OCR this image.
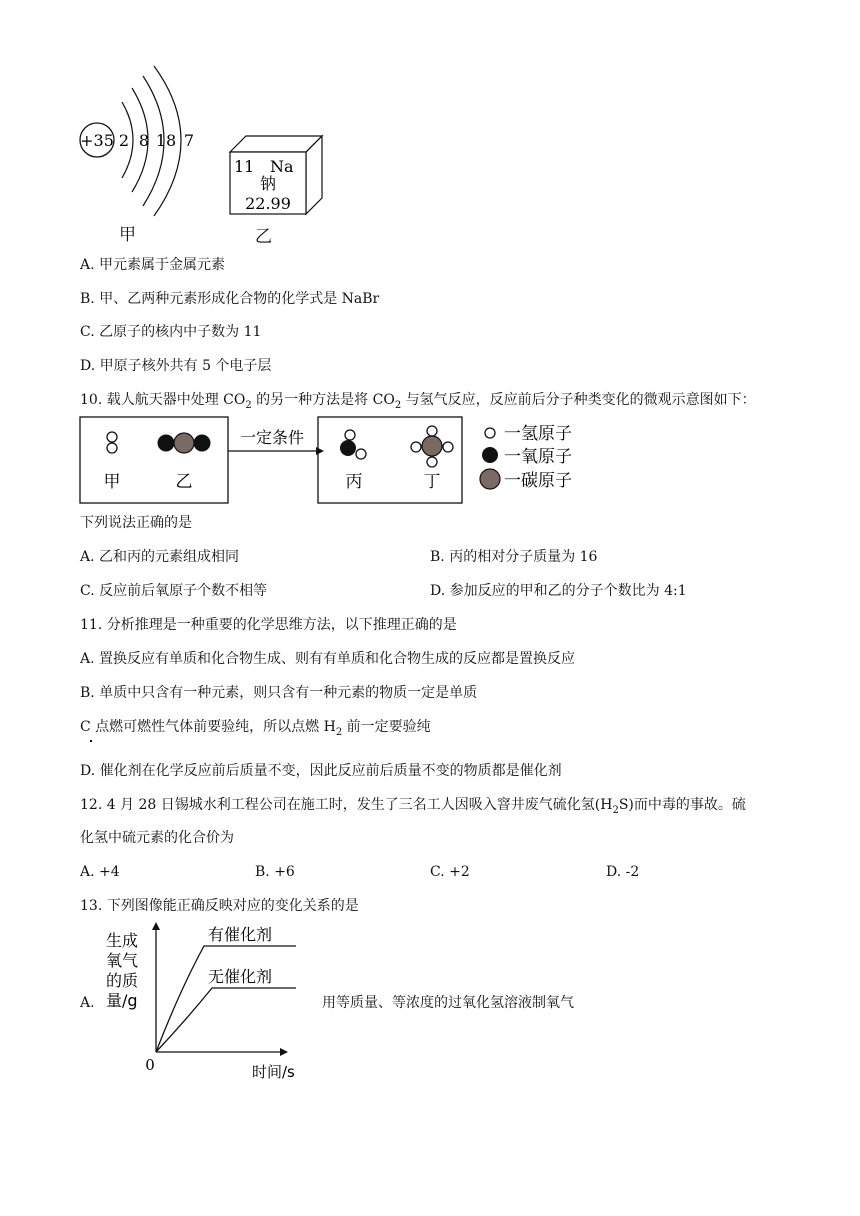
+35 2 8 18 7
甲
11 Na
钠
22.99
乙
A. 甲元素属于金属元素
B. 甲、乙两种元素形成化合物的化学式是 NaBr
C. 乙原子的核内中子数为 11
D. 甲原子核外共有 5 个电子层
10. 载人航天器中处理 $CO_2$ 的另一种方法是将 $CO_2$ 与氢气反应，反应前后分子种类变化的微观示意图如下：
甲	乙
一定条件
丙	丁
一氢原子
一氧原子
一碳原子
下列说法正确的是
A. 乙和丙的元素组成相同	B. 丙的相对分子质量为 16
C. 反应前后氧原子个数不相等	D. 参加反应的甲和乙的分子个数比为 4:1
11. 分析推理是一种重要的化学思维方法，以下推理正确的是
A. 置换反应有单质和化合物生成、则有有单质和化合物生成的反应都是置换反应
B. 单质中只含有一种元素，则只含有一种元素的物质一定是单质
C 点燃可燃性气体前要验纯，所以点燃 $H_2$ 前一定要验纯
D. 催化剂在化学反应前后质量不变，因此反应前后质量不变的物质都是催化剂
12. 4 月 28 日锡城水利工程公司在施工时，发生了三名工人因吸入窨井废气硫化氢$(H_2S)$而中毒的事故。硫
化氢中硫元素的化合价为
A. +4	B. +6	C. +2	D. -2
13. 下列图像能正确反映对应的变化关系的是
A.
生成
氧气
的质
量/g
有催化剂
无催化剂
0	时间/s
用等质量、等浓度的过氧化氢溶液制氧气
